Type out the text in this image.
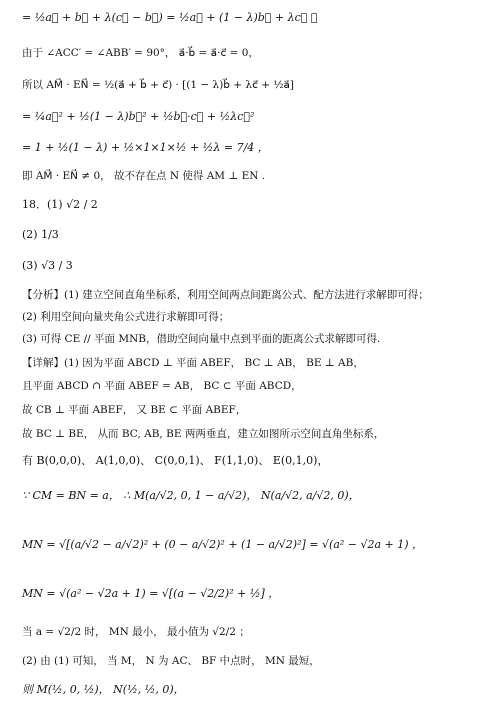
= ½a⃗ + b⃗ + λ(c⃗ − b⃗) = ½a⃗ + (1 − λ)b⃗ + λc⃗ ，
由于 ∠ACC′ = ∠ABB′ = 90°， a⃗·b⃗ = a⃗·c⃗ = 0，
所以 AM⃗ · EN⃗ = ½(a⃗ + b⃗ + c⃗) · [(1 − λ)b⃗ + λc⃗ + ½a⃗]
= ¼a⃗² + ½(1 − λ)b⃗² + ½b⃗·c⃗ + ½λc⃗²
= 1 + ½(1 − λ) + ½×1×1×½ + ½λ = 7/4 ，
即 AM⃗ · EN⃗ ≠ 0， 故不存在点 N 使得 AM ⊥ EN .
18．(1) √2 / 2
(2) 1/3
(3) √3 / 3
【分析】(1) 建立空间直角坐标系，利用空间两点间距离公式、配方法进行求解即可得；
(2) 利用空间向量夹角公式进行求解即可得；
(3) 可得 CE // 平面 MNB，借助空间向量中点到平面的距离公式求解即可得.
【详解】(1) 因为平面 ABCD ⊥ 平面 ABEF， BC ⊥ AB， BE ⊥ AB，
且平面 ABCD ∩ 平面 ABEF = AB， BC ⊂ 平面 ABCD，
故 CB ⊥ 平面 ABEF， 又 BE ⊂ 平面 ABEF，
故 BC ⊥ BE， 从而 BC, AB, BE 两两垂直，建立如图所示空间直角坐标系，
有 B(0,0,0)、 A(1,0,0)、 C(0,0,1)、 F(1,1,0)、 E(0,1,0)，
∵ CM = BN = a， ∴ M(a/√2, 0, 1 − a/√2)， N(a/√2, a/√2, 0)，
MN = √[(a/√2 − a/√2)² + (0 − a/√2)² + (1 − a/√2)²] = √(a² − √2a + 1) ，
MN = √(a² − √2a + 1) = √[(a − √2/2)² + ½] ，
当 a = √2/2 时， MN 最小， 最小值为 √2/2 ；
(2) 由 (1) 可知， 当 M， N 为 AC、 BF 中点时， MN 最短，
则 M(½, 0, ½)， N(½, ½, 0)，
